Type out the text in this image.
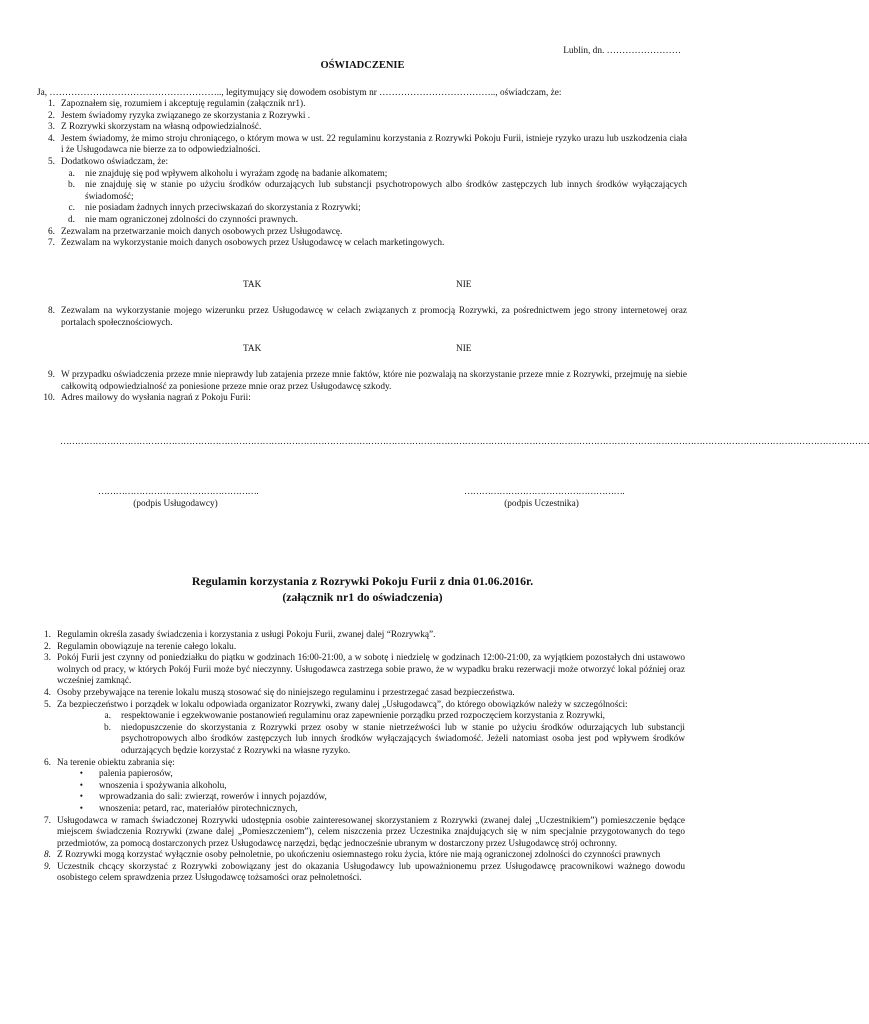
Lublin, dn. ……………………
OŚWIADCZENIE
Ja, ……………………………………………….., legitymujący się dowodem osobistym nr ……………………………….., oświadczam, że:
1. Zapoznałem się, rozumiem i akceptuję regulamin (załącznik nr1).
2. Jestem świadomy ryzyka związanego ze skorzystania z Rozrywki .
3. Z Rozrywki skorzystam na własną odpowiedzialność.
4. Jestem świadomy, że mimo stroju chroniącego, o którym mowa w ust. 22 regulaminu korzystania z Rozrywki Pokoju Furii, istnieje ryzyko urazu lub uszkodzenia ciała i że Usługodawca nie bierze za to odpowiedzialności.
5. Dodatkowo oświadczam, że:
a. nie znajduję się pod wpływem alkoholu i wyrażam zgodę na badanie alkomatem;
b. nie znajduję się w stanie po użyciu środków odurzających lub substancji psychotropowych albo środków zastępczych lub innych środków wyłączających świadomość;
c. nie posiadam żadnych innych przeciwskazań do skorzystania z Rozrywki;
d. nie mam ograniczonej zdolności do czynności prawnych.
6. Zezwalam na przetwarzanie moich danych osobowych przez Usługodawcę.
7. Zezwalam na wykorzystanie moich danych osobowych przez Usługodawcę w celach marketingowych.
TAK	NIE
8. Zezwalam na wykorzystanie mojego wizerunku przez Usługodawcę w celach związanych z promocją Rozrywki, za pośrednictwem jego strony internetowej oraz portalach społecznościowych.
TAK	NIE
9. W przypadku oświadczenia przeze mnie nieprawdy lub zatajenia przeze mnie faktów, które nie pozwalają na skorzystanie przeze mnie z Rozrywki, przejmuję na siebie całkowitą odpowiedzialność za poniesione przeze mnie oraz przez Usługodawcę szkody.
10. Adres mailowy do wysłania nagrań z Pokoju Furii:
……………………………………………………………………………………………………………………………………………………………………………………………………………………………………………………
……………………………………………….
(podpis Usługodawcy)
……………………………………………….
(podpis Uczestnika)
Regulamin korzystania z Rozrywki Pokoju Furii z dnia 01.06.2016r.
(załącznik nr1 do oświadczenia)
1. Regulamin określa zasady świadczenia i korzystania z usługi Pokoju Furii, zwanej dalej “Rozrywką”.
2. Regulamin obowiązuje na terenie całego lokalu.
3. Pokój Furii jest czynny od poniedziałku do piątku w godzinach 16:00-21:00, a w sobotę i niedzielę w godzinach 12:00-21:00, za wyjątkiem pozostałych dni ustawowo wolnych od pracy, w których Pokój Furii może być nieczynny. Usługodawca zastrzega sobie prawo, że w wypadku braku rezerwacji może otworzyć lokal później oraz wcześniej zamknąć.
4. Osoby przebywające na terenie lokalu muszą stosować się do niniejszego regulaminu i przestrzegać zasad bezpieczeństwa.
5. Za bezpieczeństwo i porządek w lokalu odpowiada organizator Rozrywki, zwany dalej „Usługodawcą”, do którego obowiązków należy w szczególności:
a. respektowanie i egzekwowanie postanowień regulaminu oraz zapewnienie porządku przed rozpoczęciem korzystania z Rozrywki,
b. niedopuszczenie do skorzystania z Rozrywki przez osoby w stanie nietrzeźwości lub w stanie po użyciu środków odurzających lub substancji psychotropowych albo środków zastępczych lub innych środków wyłączających świadomość. Jeżeli natomiast osoba jest pod wpływem środków odurzających będzie korzystać z Rozrywki na własne ryzyko.
6. Na terenie obiektu zabrania się:
• palenia papierosów,
• wnoszenia i spożywania alkoholu,
• wprowadzania do sali: zwierząt, rowerów i innych pojazdów,
• wnoszenia: petard, rac, materiałów pirotechnicznych,
7. Usługodawca w ramach świadczonej Rozrywki udostępnia osobie zainteresowanej skorzystaniem z Rozrywki (zwanej dalej „Uczestnikiem”) pomieszczenie będące miejscem świadczenia Rozrywki (zwane dalej „Pomieszczeniem”), celem niszczenia przez Uczestnika znajdujących się w nim specjalnie przygotowanych do tego przedmiotów, za pomocą dostarczonych przez Usługodawcę narzędzi, będąc jednocześnie ubranym w dostarczony przez Usługodawcę strój ochronny.
8. Z Rozrywki mogą korzystać wyłącznie osoby pełnoletnie, po ukończeniu osiemnastego roku życia, które nie mają ograniczonej zdolności do czynności prawnych
9. Uczestnik chcący skorzystać z Rozrywki zobowiązany jest do okazania Usługodawcy lub upoważnionemu przez Usługodawcę pracownikowi ważnego dowodu osobistego celem sprawdzenia przez Usługodawcę tożsamości oraz pełnoletności.
